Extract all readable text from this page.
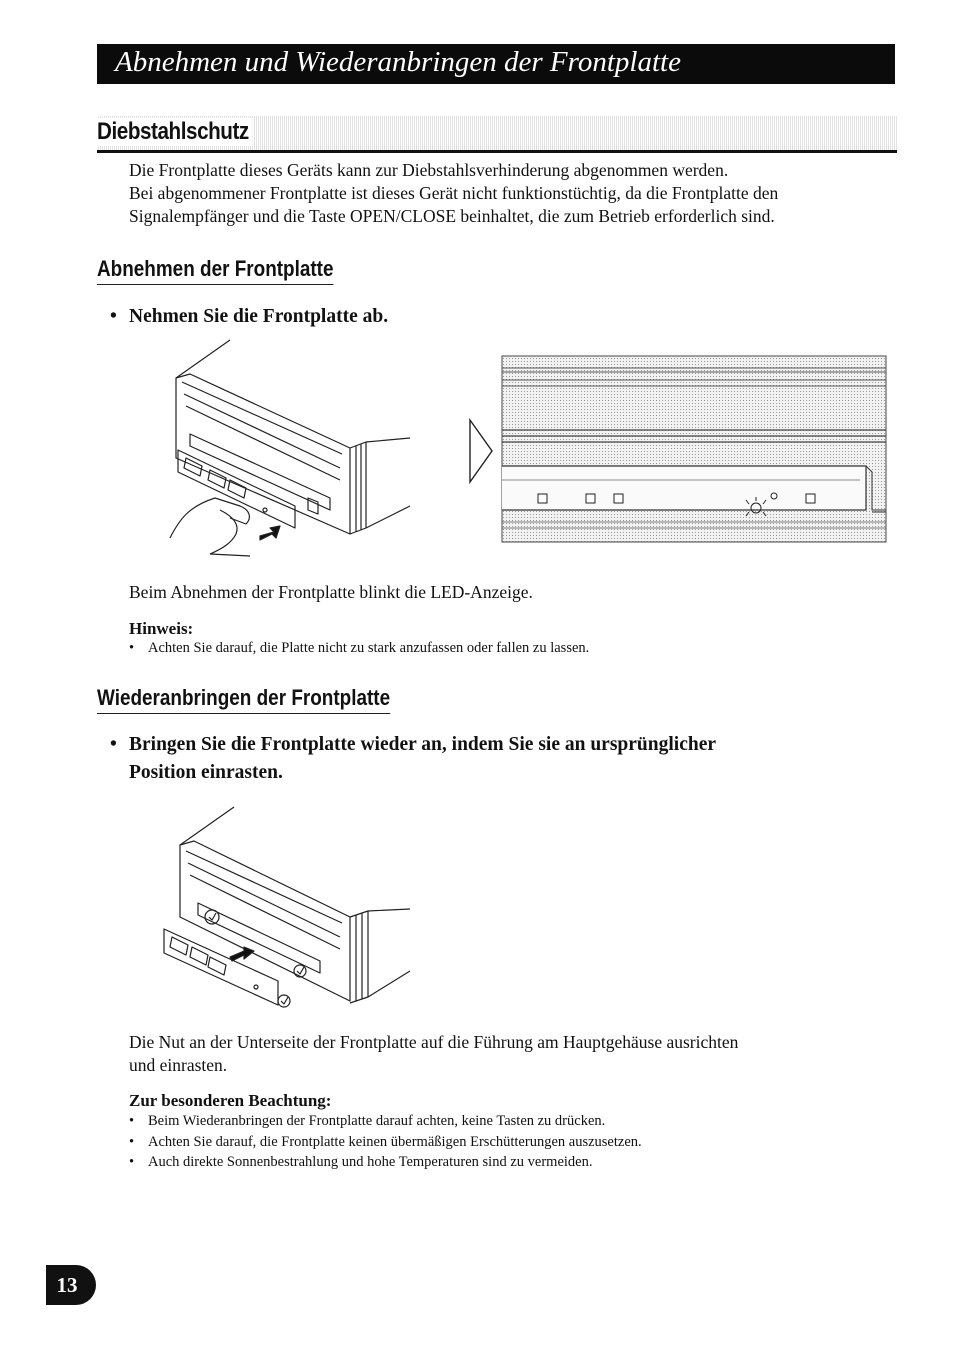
Abnehmen und Wiederanbringen der Frontplatte
Diebstahlschutz

Die Frontplatte dieses Geräts kann zur Diebstahlsverhinderung abgenommen werden.
Bei abgenommener Frontplatte ist dieses Gerät nicht funktionstüchtig, da die Frontplatte den
Signalempfänger und die Taste OPEN/CLOSE beinhaltet, die zum Betrieb erforderlich sind.

Abnehmen der Frontplatte

• Nehmen Sie die Frontplatte ab.

Beim Abnehmen der Frontplatte blinkt die LED-Anzeige.

Hinweis:

• Achten Sie darauf, die Platte nicht zu stark anzufassen oder fallen zu lassen.
Wiederanbringen der Frontplatte

• Bringen Sie die Frontplatte wieder an, indem Sie sie an ursprünglicher
Position einrasten.

Die Nut an der Unterseite der Frontplatte auf die Führung am Hauptgehäuse ausrichten
und einrasten.

Zur besonderen Beachtung:

• Beim Wiederanbringen der Frontplatte darauf achten, keine Tasten zu drücken.
• Achten Sie darauf, die Frontplatte keinen übermäßigen Erschütterungen auszusetzen.
• Auch direkte Sonnenbestrahlung und hohe Temperaturen sind zu vermeiden.
13
